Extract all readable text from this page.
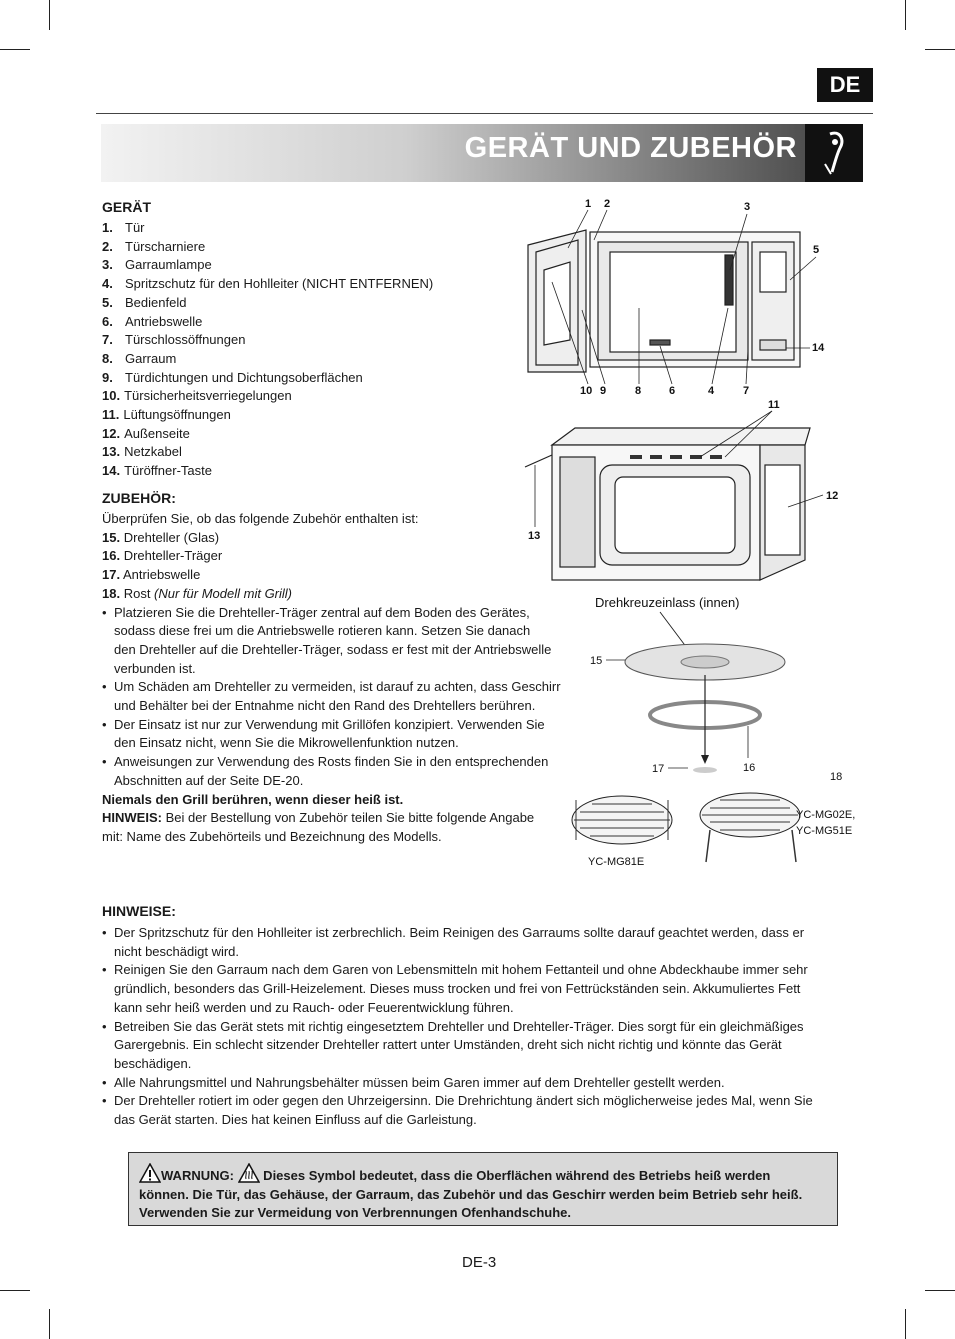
DE
GERÄT UND ZUBEHÖR
GERÄT
1. Tür
2. Türscharniere
3. Garraumlampe
4. Spritzschutz für den Hohlleiter (NICHT ENTFERNEN)
5. Bedienfeld
6. Antriebswelle
7. Türschlossöffnungen
8. Garraum
9. Türdichtungen und Dichtungsoberflächen
10. Türsicherheitsverriegelungen
11. Lüftungsöffnungen
12. Außenseite
13. Netzkabel
14. Türöffner-Taste
ZUBEHÖR:
Überprüfen Sie, ob das folgende Zubehör enthalten ist:
15. Drehteller (Glas)
16. Drehteller-Träger
17. Antriebswelle
18. Rost (Nur für Modell mit Grill)
• Platzieren Sie die Drehteller-Träger zentral auf dem Boden des Gerätes,
sodass diese frei um die Antriebswelle rotieren kann. Setzen Sie danach
den Drehteller auf die Drehteller-Träger, sodass er fest mit der Antriebswelle
verbunden ist.
• Um Schäden am Drehteller zu vermeiden, ist darauf zu achten, dass Geschirr
und Behälter bei der Entnahme nicht den Rand des Drehtellers berühren.
• Der Einsatz ist nur zur Verwendung mit Grillöfen konzipiert. Verwenden Sie
den Einsatz nicht, wenn Sie die Mikrowellenfunktion nutzen.
• Anweisungen zur Verwendung des Rosts finden Sie in den entsprechenden
Abschnitten auf der Seite DE-20.
Niemals den Grill berühren, wenn dieser heiß ist.
HINWEIS: Bei der Bestellung von Zubehör teilen Sie bitte folgende Angabe
mit: Name des Zubehörteils und Bezeichnung des Modells.
1 2	3
5
14
10 9	8	6	4	7
11
12
13
Drehkreuzeinlass (innen)
15
17	16
18
YC-MG81E
YC-MG02E,
YC-MG51E
HINWEISE:
• Der Spritzschutz für den Hohlleiter ist zerbrechlich. Beim Reinigen des Garraums sollte darauf geachtet werden, dass er
nicht beschädigt wird.
• Reinigen Sie den Garraum nach dem Garen von Lebensmitteln mit hohem Fettanteil und ohne Abdeckhaube immer sehr
gründlich, besonders das Grill-Heizelement. Dieses muss trocken und frei von Fettrückständen sein. Akkumuliertes Fett
kann sehr heiß werden und zu Rauch- oder Feuerentwicklung führen.
• Betreiben Sie das Gerät stets mit richtig eingesetztem Drehteller und Drehteller-Träger. Dies sorgt für ein gleichmäßiges
Garergebnis. Ein schlecht sitzender Drehteller rattert unter Umständen, dreht sich nicht richtig und könnte das Gerät
beschädigen.
• Alle Nahrungsmittel und Nahrungsbehälter müssen beim Garen immer auf dem Drehteller gestellt werden.
• Der Drehteller rotiert im oder gegen den Uhrzeigersinn. Die Drehrichtung ändert sich möglicherweise jedes Mal, wenn Sie
das Gerät starten. Dies hat keinen Einfluss auf die Garleistung.
WARNUNG:  Dieses Symbol bedeutet, dass die Oberflächen während des Betriebs heiß werden
können. Die Tür, das Gehäuse, der Garraum, das Zubehör und das Geschirr werden beim Betrieb sehr heiß.
Verwenden Sie zur Vermeidung von Verbrennungen Ofenhandschuhe.
DE-3
